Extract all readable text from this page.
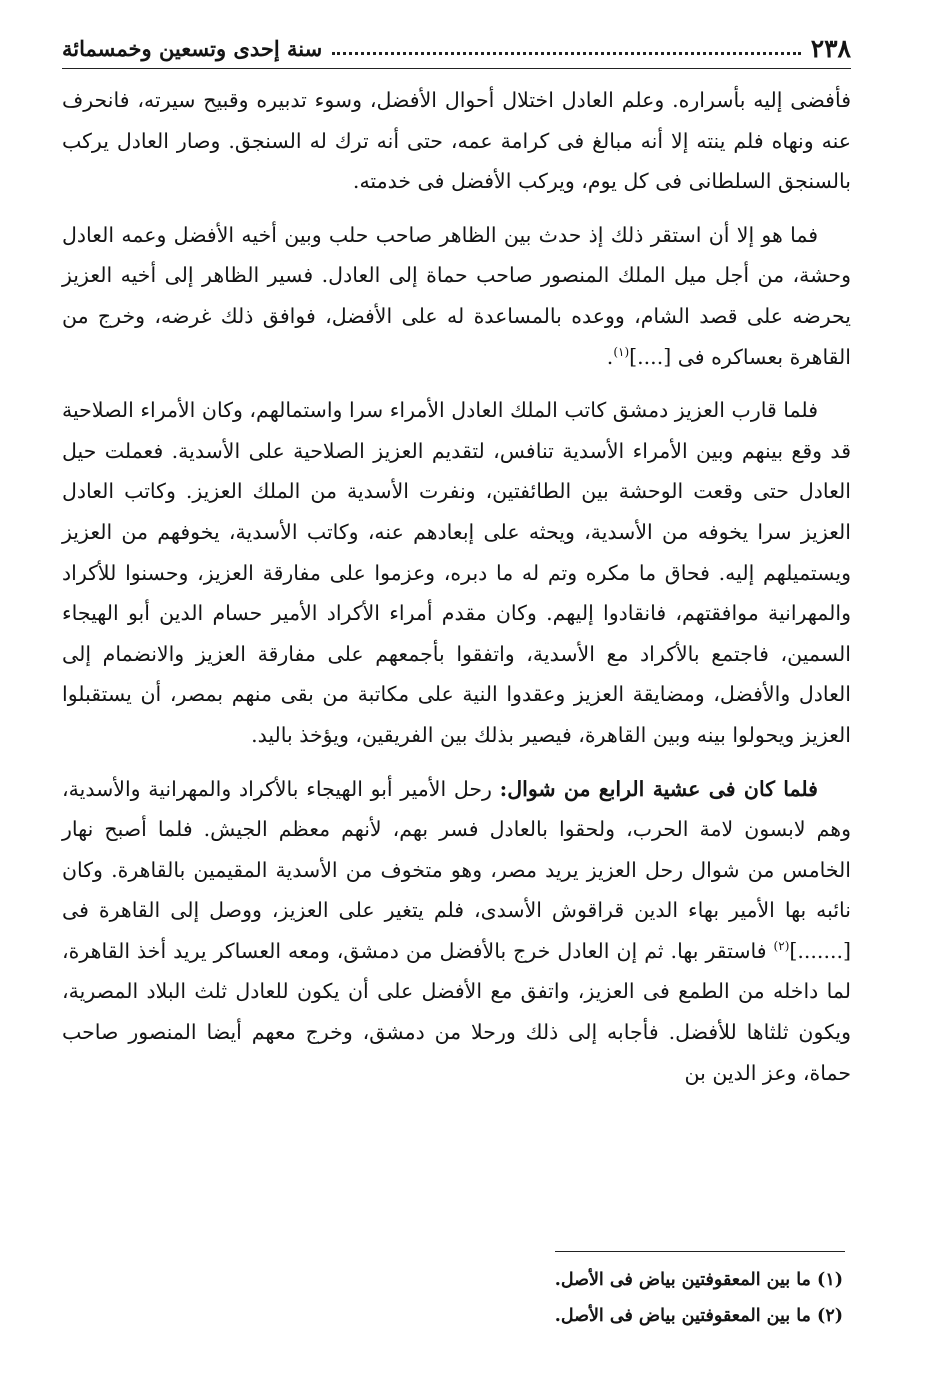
٢٣٨
سنة إحدى وتسعين وخمسمائة

فأفضى إليه بأسراره. وعلم العادل اختلال أحوال الأفضل، وسوء تدبيره وقبيح سيرته، فانحرف عنه ونهاه فلم ينته إلا أنه مبالغ فى كرامة عمه، حتى أنه ترك له السنجق. وصار العادل يركب بالسنجق السلطانى فى كل يوم، ويركب الأفضل فى خدمته.

فما هو إلا أن استقر ذلك إذ حدث بين الظاهر صاحب حلب وبين أخيه الأفضل وعمه العادل وحشة، من أجل ميل الملك المنصور صاحب حماة إلى العادل. فسير الظاهر إلى أخيه العزيز يحرضه على قصد الشام، ووعده بالمساعدة له على الأفضل، فوافق ذلك غرضه، وخرج من القاهرة بعساكره فى [....]$^{(١)}$.

فلما قارب العزيز دمشق كاتب الملك العادل الأمراء سرا واستمالهم، وكان الأمراء الصلاحية قد وقع بينهم وبين الأمراء الأسدية تنافس، لتقديم العزيز الصلاحية على الأسدية. فعملت حيل العادل حتى وقعت الوحشة بين الطائفتين، ونفرت الأسدية من الملك العزيز. وكاتب العادل العزيز سرا يخوفه من الأسدية، ويحثه على إبعادهم عنه، وكاتب الأسدية، يخوفهم من العزيز ويستميلهم إليه. فحاق ما مكره وتم له ما دبره، وعزموا على مفارقة العزيز، وحسنوا للأكراد والمهرانية موافقتهم، فانقادوا إليهم. وكان مقدم أمراء الأكراد الأمير حسام الدين أبو الهيجاء السمين، فاجتمع بالأكراد مع الأسدية، واتفقوا بأجمعهم على مفارقة العزيز والانضمام إلى العادل والأفضل، ومضايقة العزيز وعقدوا النية على مكاتبة من بقى منهم بمصر، أن يستقبلوا العزيز ويحولوا بينه وبين القاهرة، فيصير بذلك بين الفريقين، ويؤخذ باليد.

فلما كان فى عشية الرابع من شوال: رحل الأمير أبو الهيجاء بالأكراد والمهرانية والأسدية، وهم لابسون لامة الحرب، ولحقوا بالعادل فسر بهم، لأنهم معظم الجيش. فلما أصبح نهار الخامس من شوال رحل العزيز يريد مصر، وهو متخوف من الأسدية المقيمين بالقاهرة. وكان نائبه بها الأمير بهاء الدين قراقوش الأسدى، فلم يتغير على العزيز، ووصل إلى القاهرة فى [.......]$^{(٢)}$ فاستقر بها. ثم إن العادل خرج بالأفضل من دمشق، ومعه العساكر يريد أخذ القاهرة، لما داخله من الطمع فى العزيز، واتفق مع الأفضل على أن يكون للعادل ثلث البلاد المصرية، ويكون ثلثاها للأفضل. فأجابه إلى ذلك ورحلا من دمشق، وخرج معهم أيضا المنصور صاحب حماة، وعز الدين بن

(١) ما بين المعقوفتين بياض فى الأصل.

(٢) ما بين المعقوفتين بياض فى الأصل.
